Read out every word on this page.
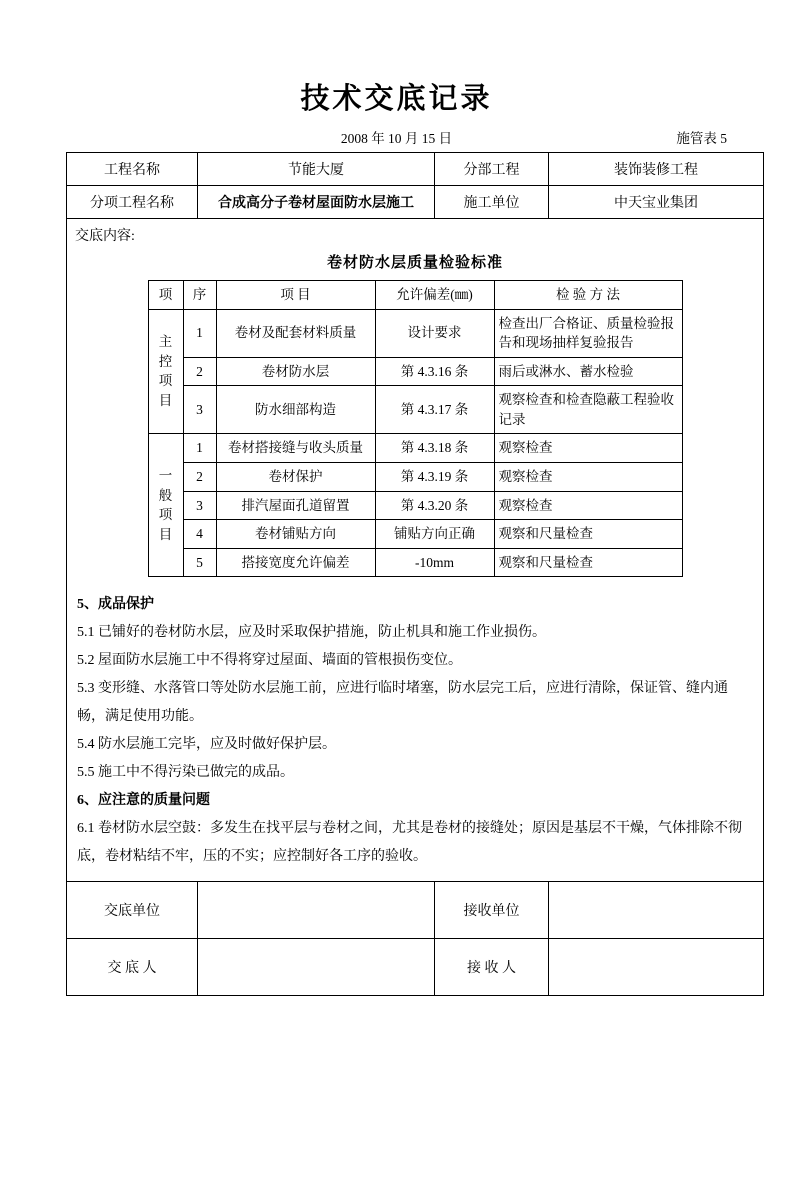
技术交底记录
2008 年 10 月 15 日	施管表 5
工程名称	节能大厦	分部工程	装饰装修工程
分项工程名称	合成高分子卷材屋面防水层施工	施工单位	中天宝业集团

交底内容:
卷材防水层质量检验标准
项	序	项 目	允许偏差(㎜)	检 验 方 法
主
控
项
目	1	卷材及配套材料质量	设计要求	检查出厂合格证、质量检验报告和现场抽样复验报告
2	卷材防水层	第 4.3.16 条	雨后或淋水、蓄水检验
3	防水细部构造	第 4.3.17 条	观察检查和检查隐蔽工程验收记录
一
般
项
目	1	卷材搭接缝与收头质量	第 4.3.18 条	观察检查
2	卷材保护	第 4.3.19 条	观察检查
3	排汽屋面孔道留置	第 4.3.20 条	观察检查
4	卷材铺贴方向	铺贴方向正确	观察和尺量检查
5	搭接宽度允许偏差	-10mm	观察和尺量检查
5、成品保护

5.1 已铺好的卷材防水层，应及时采取保护措施，防止机具和施工作业损伤。

5.2 屋面防水层施工中不得将穿过屋面、墙面的管根损伤变位。

5.3 变形缝、水落管口等处防水层施工前，应进行临时堵塞，防水层完工后，应进行清除，保证管、缝内通畅，满足使用功能。

5.4 防水层施工完毕，应及时做好保护层。

5.5 施工中不得污染已做完的成品。

6、应注意的质量问题

6.1 卷材防水层空鼓：多发生在找平层与卷材之间，尤其是卷材的接缝处；原因是基层不干燥，气体排除不彻底，卷材粘结不牢，压的不实；应控制好各工序的验收。

交底单位		接收单位	
交 底 人		接 收 人	
